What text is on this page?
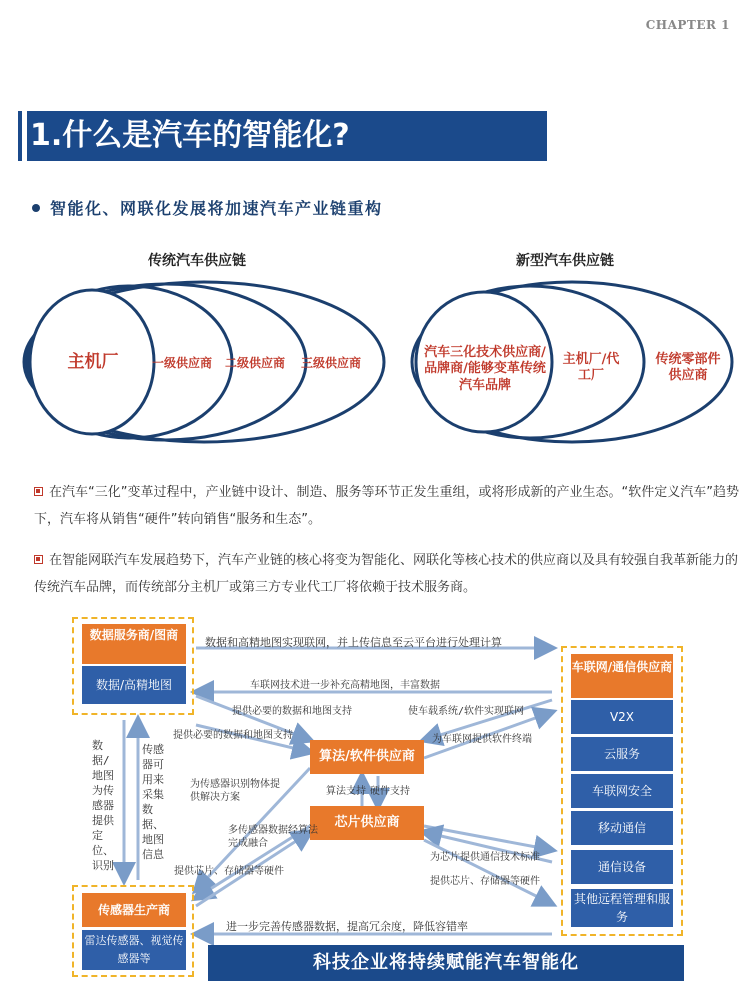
CHAPTER 1
1.什么是汽车的智能化?
智能化、网联化发展将加速汽车产业链重构
传统汽车供应链
主机厂	一级供应商 二级供应商 三级供应商
新型汽车供应链
汽车三化技术供应商/品牌商/能够变革传统汽车品牌
主机厂/代工厂
传统零部件供应商
在汽车“三化”变革过程中，产业链中设计、制造、服务等环节正发生重组，或将形成新的产业生态。“软件定义汽车”趋势下，汽车将从销售“硬件”转向销售“服务和生态”。
在智能网联汽车发展趋势下，汽车产业链的核心将变为智能化、网联化等核心技术的供应商以及具有较强自我革新能力的传统汽车品牌，而传统部分主机厂或第三方专业代工厂将依赖于技术服务商。
数据服务商/图商
数据/高精地图
车联网/通信供应商
V2X
云服务
车联网安全
移动通信
通信设备
其他远程管理和服务
算法/软件供应商
芯片供应商
传感器生产商
雷达传感器、视觉传感器等
数据和高精地图实现联网，并上传信息至云平台进行处理计算
车联网技术进一步补充高精地图，丰富数据
提供必要的数据和地图支持
提供必要的数据和地图支持
使车载系统/软件实现联网
为车联网提供软件终端
为传感器识别物体提供解决方案
算法支持 硬件支持
多传感器数据经算法完成融合
提供芯片、存储器等硬件
为芯片提供通信技术标准
提供芯片、存储器等硬件
进一步完善传感器数据，提高冗余度，降低容错率
数据/地图为传感器提供定位、识别
传感器可用来采集数据、地图信息
科技企业将持续赋能汽车智能化
